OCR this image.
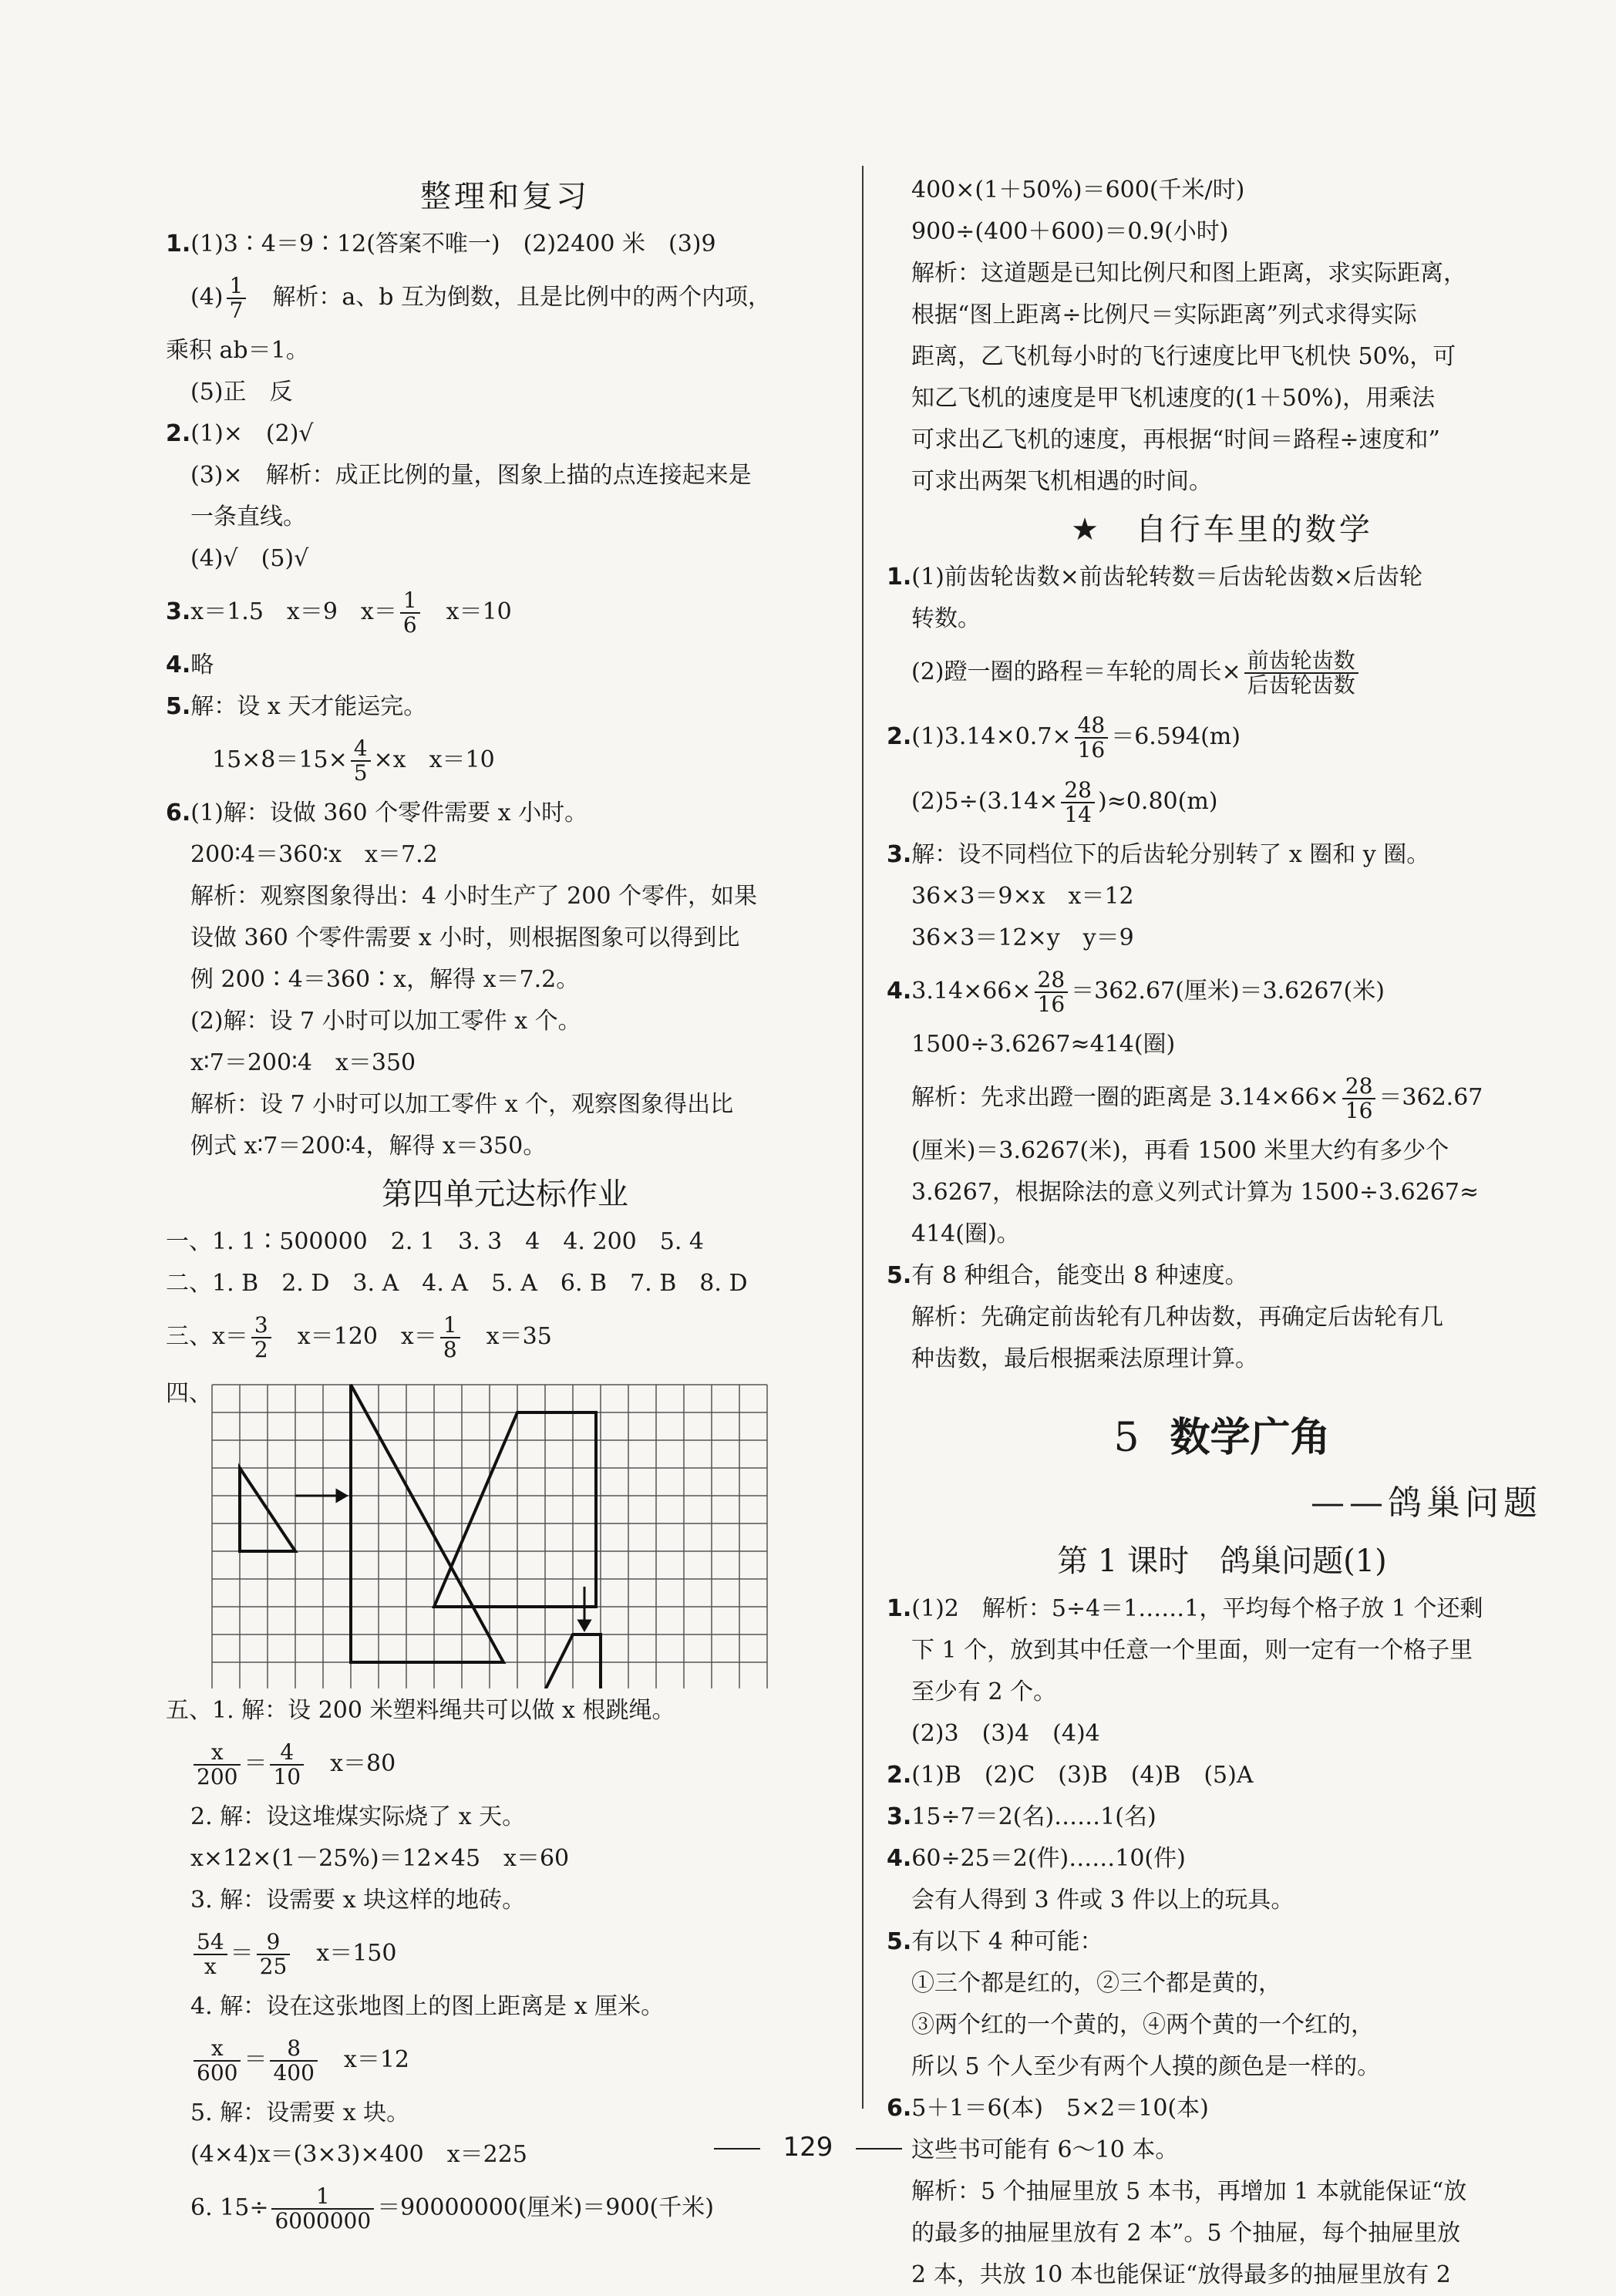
整理和复习
1.(1)3∶4＝9∶12(答案不唯一)　(2)2400 米　(3)9
$(4) \frac{1}{7}$ 　解析：a、b 互为倒数，且是比例中的两个内项，
乘积 ab＝1。
(5)正　反
2.(1)×　(2)√
(3)×　解析：成正比例的量，图象上描的点连接起来是
一条直线。
(4)√　(5)√
3.x＝1.5　x＝9　$x= \frac{1}{6}$ 　x＝10
4.略
5.解：设 x 天才能运完。
$15\times 8=15\times \frac{4}{5} \times x$　x＝10
6.(1)解：设做 360 个零件需要 x 小时。
200∶4＝360∶x　x＝7.2
解析：观察图象得出：4 小时生产了 200 个零件，如果
设做 360 个零件需要 x 小时，则根据图象可以得到比
例 200∶4＝360∶x，解得 x＝7.2。
(2)解：设 7 小时可以加工零件 x 个。
x∶7＝200∶4　x＝350
解析：设 7 小时可以加工零件 x 个，观察图象得出比
例式 x∶7＝200∶4，解得 x＝350。
第四单元达标作业
一、1. 1∶500000　2. 1　3. 3　4　4. 200　5. 4
二、1. B　2. D　3. A　4. A　5. A　6. B　7. B　8. D
三、$x= \frac{3}{2}$ 　x＝120　$x= \frac{1}{8}$ 　x＝35
四、
五、1. 解：设 200 米塑料绳共可以做 x 根跳绳。
$\frac{x}{200} = \frac{4}{10}$ 　x＝80
2. 解：设这堆煤实际烧了 x 天。
x×12×(1－25%)＝12×45　x＝60
3. 解：设需要 x 块这样的地砖。
$\frac{54}{x} = \frac{9}{25}$ 　x＝150
4. 解：设在这张地图上的图上距离是 x 厘米。
$\frac{x}{600} = \frac{8}{400}$ 　x＝12
5. 解：设需要 x 块。
(4×4)x＝(3×3)×400　x＝225
6. $15\div \frac{1}{6000000} =90000000$(厘米)＝900(千米)
400×(1＋50%)＝600(千米/时)
900÷(400＋600)＝0.9(小时)
解析：这道题是已知比例尺和图上距离，求实际距离，
根据“图上距离÷比例尺＝实际距离”列式求得实际
距离，乙飞机每小时的飞行速度比甲飞机快 50%，可
知乙飞机的速度是甲飞机速度的(1＋50%)，用乘法
可求出乙飞机的速度，再根据“时间＝路程÷速度和”
可求出两架飞机相遇的时间。
★　自行车里的数学
1.(1)前齿轮齿数×前齿轮转数＝后齿轮齿数×后齿轮
转数。
(2)蹬一圈的路程＝车轮的周长× $\frac{\text{前齿轮齿数}}{\text{后齿轮齿数}}$
$2.(1)3.14\times 0.7\times \frac{48}{16} =6.594(m)$
$(2)5\div(3.14\times \frac{28}{14} )\approx 0.80(m)$
3.解：设不同档位下的后齿轮分别转了 x 圈和 y 圈。
36×3＝9×x　x＝12
36×3＝12×y　y＝9
$4.3.14\times 66\times \frac{28}{16} =362.67$(厘米)＝3.6267(米)
1500÷3.6267≈414(圈)
解析：先求出蹬一圈的距离是 $3.14\times 66\times \frac{28}{16} =362.67$
(厘米)＝3.6267(米)，再看 1500 米里大约有多少个
3.6267，根据除法的意义列式计算为 1500÷3.6267≈
414(圈)。
5.有 8 种组合，能变出 8 种速度。
解析：先确定前齿轮有几种齿数，再确定后齿轮有几
种齿数，最后根据乘法原理计算。
5 数学广角
——鸽巢问题
第 1 课时　鸽巢问题(1)
1.(1)2　解析：5÷4＝1……1，平均每个格子放 1 个还剩
下 1 个，放到其中任意一个里面，则一定有一个格子里
至少有 2 个。
(2)3　(3)4　(4)4
2.(1)B　(2)C　(3)B　(4)B　(5)A
3.15÷7＝2(名)……1(名)
4.60÷25＝2(件)……10(件)
会有人得到 3 件或 3 件以上的玩具。
5.有以下 4 种可能：
①三个都是红的，②三个都是黄的，
③两个红的一个黄的，④两个黄的一个红的，
所以 5 个人至少有两个人摸的颜色是一样的。
6.5＋1＝6(本)　5×2＝10(本)
这些书可能有 6～10 本。
解析：5 个抽屉里放 5 本书，再增加 1 本就能保证“放
的最多的抽屉里放有 2 本”。5 个抽屉，每个抽屉里放
2 本，共放 10 本也能保证“放得最多的抽屉里放有 2
129
